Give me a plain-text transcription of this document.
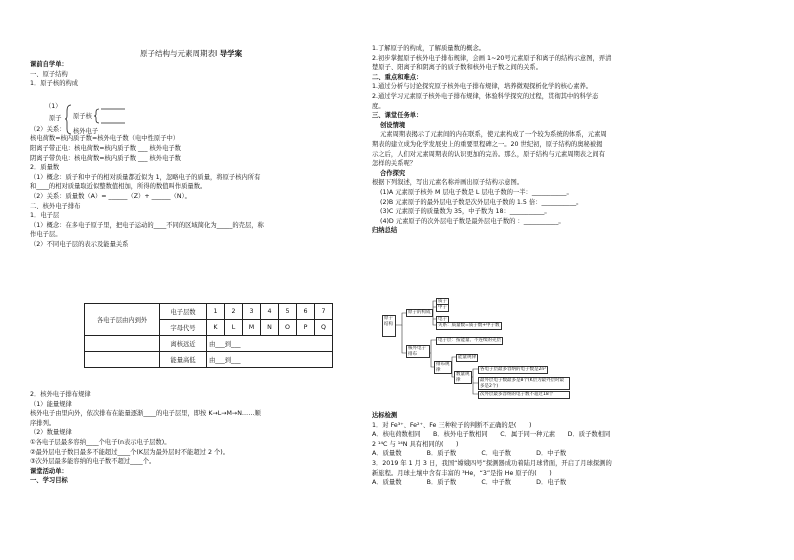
原子结构与元素周期表Ⅰ 导学案
课前自学单：
一、原子结构
1．原子核的构成
（2）关系：
核电荷数=核内质子数=核外电子数（电中性原子中）
阳离子带正电：核电荷数=核内质子数 ___ 核外电子数
阴离子带负电：核电荷数=核内质子数 ___ 核外电子数
2．质量数
（1）概念：质子和中子的相对质量都近似为 1，忽略电子的质量，将原子核内所有
和____的相对质量取近似整数值相加，所得的数值叫作质量数。
（2）关系：质量数（A）= ______（Z）+ ______（N）。
二、核外电子排布
1．电子层
（1）概念：在多电子原子里，把电子运动的____不同的区域简化为_____的壳层，称
作电子层。
（2）不同电子层的表示及能量关系
（1）
原子 原子核
核外电子
各电子层由内到外	电子层数	1	2	3	4	5	6	7
	字母代号	K	L	M	N	O	P	Q
	离核远近	由___到___						
	能量高低	由___到___						
2．核外电子排布规律
（1）能量规律
核外电子由里向外，依次排布在能量逐渐____的电子层里，即按 K→L→M→N……顺
序排列。
（2）数量规律
①各电子层最多容纳____个电子(n表示电子层数)。
②最外层电子数目最多不能超过____个(K层为最外层时不能超过 2 个)。
③次外层最多能容纳的电子数不超过____个。
课堂活动单：
一、学习目标
1.了解原子的构成，了解质量数的概念。
2.初步掌握原子核外电子排布规律，会画 1~20号元素原子和离子的结构示意图，弄清
楚原子、阳离子和阴离子的质子数和核外电子数之间的关系。
二、重点和难点：
1.通过分析与讨论探究原子核外电子排布规律，培养微观探析化学的核心素养。
2.通过学习元素原子核外电子排布规律，体验科学探究的过程，贯彻其中的科学态
度。
三、课堂任务单：
创设情境
元素周期表揭示了元素间的内在联系，使元素构成了一个较为系统的体系，元素周
期表的建立成为化学发展史上的重要里程碑之一。20 世纪初，原子结构的奥秘被揭
示之后，人们对元素周期表的认识更加的完善。那么，原子结构与元素周期表之间有
怎样的关系呢？
合作探究
根据下列叙述，写出元素名称并画出原子结构示意图。
(1)A 元素原子核外 M 层电子数是 L 层电子数的一半：___________。
(2)B 元素原子的最外层电子数是次外层电子数的 1.5 倍：___________。
(3)C 元素原子的质量数为 35，中子数为 18：___________。
(4)D 元素原子的次外层电子数是最外层电子数的 ：___________。
归纳总结
原子结构
原子的构成
质子
中子
电子
关系：质量数=质子数+中子数
核外电子排布
电子层：按能量、不连续的壳层
排布规律
能量规律
数量规律
各电子层最多容纳的电子数是2n²
最外层电子数最多是8个(K层为最外层时最多是2个)
次外层最多容纳的电子数不超过18个
达标检测
1．对 Fe³⁺、Fe²⁺、Fe 三种粒子的判断不正确的是(　　)
A．核电荷数相同　　B．核外电子数相同　　C．属于同一种元素　　D．质子数相同
2 ¹⁴C 与 ¹⁴N 具有相同的(　　)
A．质量数　　　　B．质子数　　　　C．电子数　　　　D．中子数
3．2019 年 1 月 3 日，我国“嫦娥四号”探测器成功着陆月球背面，开启了月球探测的
新旅程。月球土壤中含有丰富的 ³He，“3”是指 He 原子的(　　)
A．质量数　　　　B．质子数　　　　C．中子数　　　　D．电子数
